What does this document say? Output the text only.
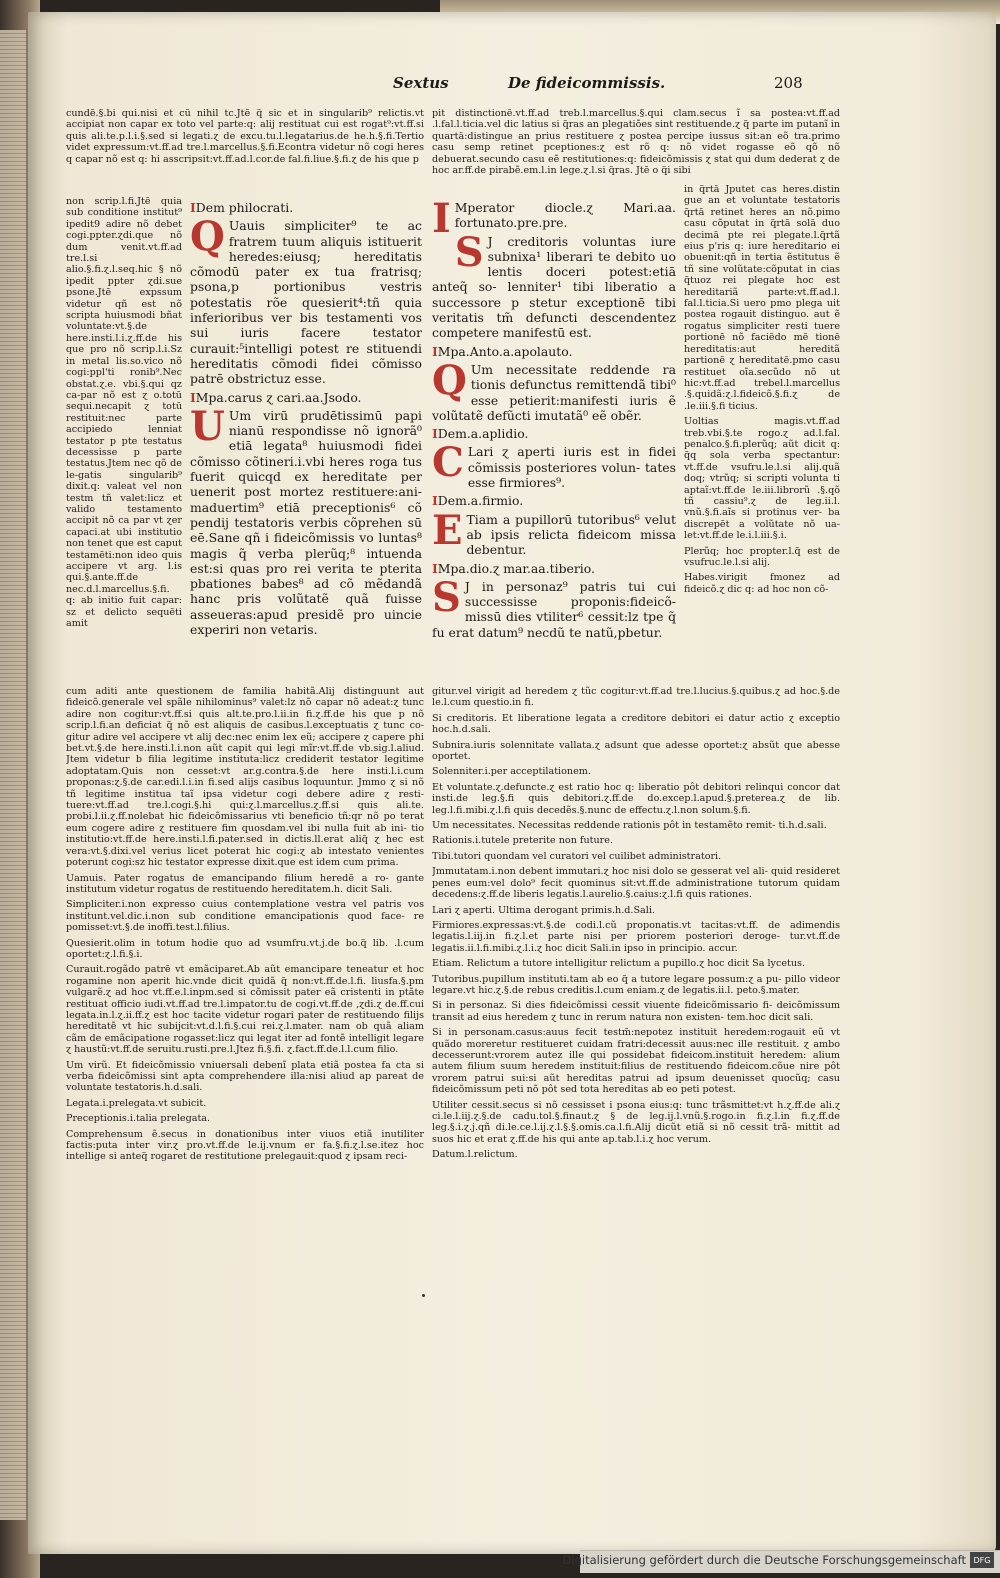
Sextus	De fideicommissis.	208

cundē.§.bi qui.nisi et cū nihil tc.Jtē q̃ sic et in singularib⁹ relictis.vt accipiat non capar ex toto vel parte:q: alij restituat cui est rogat⁹:vt.ff.si quis ali.te.p.l.i.§.sed si legati.ɀ de excu.tu.l.legatarius.de he.h.§.fi.Tertio videt expressum:vt.ff.ad tre.l.marcellus.§.fi.Econtra videtur nõ cogi heres q capar nõ est q: hi asscripsit:vt.ff.ad.l.cor.de fal.fi.liue.§.fi.ɀ de his que p

non scrip.l.fi.Jtē quia sub conditione institut⁹ ipedit9 adire nõ debet cogi.ppter.ɀdi.que nõ dum venit.vt.ff.ad tre.l.si alio.§.fi.ɀ.l.seq.hic § nõ ipedit ppter ɀdi.sue psone.Jtē expssum videtur qñ est nõ scripta huiusmodi bñat voluntate:vt.§.de here.insti.l.i.ɀ.ff.de his que pro nõ scrip.l.i.Sz in metal lis.so.vico nõ cogi:ppl'ti ronib⁹.Nec obstat.ɀ.e. vbi.§.qui qz ca-par nõ est ɀ o.totū sequi.necapit ɀ totū restituit:nec parte accipiedo lenniat testator p pte testatus decessisse p parte testatus.Jtem nec qõ de le-gatis singularib⁹ dixit.q: valeat vel non testm tñ valet:licz et valido testamento accipit nõ ca par vt ɀer capaci.at ubi institutio non tenet que est caput testamēti:non ideo quis accipere vt arg. l.is qui.§.ante.ff.de nec.d.l.marcellus.§.fi. q: ab initio fuit capar: sz et delicto sequēti amit

IDem philocrati.

Q Uauis simpliciter⁹ te ac fratrem tuum aliquis istituerit heredes:eiusq; hereditatis cõmodū pater ex tua fratrisq; psona,p portionibus vestris potestatis rõe quesierit⁴:tñ quia inferioribus ver bis testamenti vos sui iuris facere testator curauit:⁵intelligi potest re stituendi hereditatis cõmodi fidei cõmisso patrē obstrictuz esse.

IMpa.carus ɀ cari.aa.Jsodo.

U Um virū prudētissimū papi nianū respondisse nõ ignorã⁰ etiā legata⁸ huiusmodi fidei cõmisso cõtineri.i.vbi heres roga tus fuerit quicqd ex hereditate per uenerit post mortez restituere:ani- maduertim⁹ etiā preceptionis⁶ cõ pendij testatoris verbis cõprehen sū eē.Sane qñ i fideicõmissis vo luntas⁸ magis q̃ verba plerũq;⁸ intuenda est:si quas pro rei verita te pterita pbationes babes⁸ ad cõ mẽdandã hanc pris volũtatẽ quã fuisse asseueras:apud presidẽ pro uincie experiri non vetaris.

I Mperator diocle.ɀ Mari.aa. fortunato.pre.pre.

S J creditoris voluntas iure subnixa¹ liberari te debito uo lentis doceri potest:etiā anteq̃ so- lenniter¹ tibi liberatio a successore p stetur exceptionē tibi veritatis tm̃ defuncti descendentez competere manifestū est.

IMpa.Anto.a.apolauto.

Q Um necessitate reddende ra tionis defunctus remittendã tibi⁰ esse petierit:manifesti iuris ẽ volũtatẽ defũcti imutatã⁰ eẽ obẽr.

IDem.a.aplidio.

C Lari ɀ aperti iuris est in fidei cõmissis posteriores volun- tates esse firmiores⁹.

IDem.a.firmio.

E Tiam a pupillorū tutoribus⁶ velut ab ipsis relicta fideicom missa debentur.

IMpa.dio.ɀ mar.aa.tiberio.

S J in personaz⁹ patris tui cui successisse proponis:fideicõ- missū dies vtiliter⁶ cessit:lz tpe q̃ fu erat datum⁹ necdũ te natũ,pbetur.

pit distinctionē.vt.ff.ad treb.l.marcellus.§.qui clam.secus ĩ sa postea:vt.ff.ad .l.fal.l.ticia.vel dic latius si q̃ras an plegatiões sint restituende.ɀ q̃ parte im putanĩ in quartā:distingue an prius restituere ɀ postea percipe iussus sit:an eõ tra.primo casu semp retinet pceptiones:ɀ est rõ q: nõ videt rogasse eõ qõ nõ debuerat.secundo casu eẽ restitutiones:q: fideicõmissis ɀ stat qui dum dederat ɀ de hoc ar.ff.de pirabẽ.em.l.in lege.ɀ.l.si q̃ras. Jtē o q̃i sibi

in q̃rtā Jputet cas heres.distin gue an et voluntate testatoris q̃rtā retinet heres an nõ.pimo casu cõputat in q̃rtā solā duo decimā pte rei plegate.l.q̃rtã eius p'ris q: iure hereditario ei obuenit:qñ in tertia ẽstitutus ẽ tñ sine volũtate:cõputat in cias q̃tuoz rei plegate hoc est hereditariã parte:vt.ff.ad.l. fal.l.ticia.Si uero pmo plega uit postea rogauit distinguo. aut ẽ rogatus simpliciter resti tuere portionē nõ faciēdo mē tionē hereditatis:aut hereditã partionē ɀ hereditatē.pmo casu restituet oĩa.secũdo nõ ut hic:vt.ff.ad trebel.l.marcellus .§.quidã:ɀ.l.fideicõ.§.fi.ɀ de .le.iii.§.fi ticius.

Uoltias magis.vt.ff.ad treb.vbi.§.te rogo.ɀ ad.l.fal. penalco.§.fi.plerũq; aũt dicit q: q̃q sola verba spectantur: vt.ff.de vsufru.le.l.si alij.quã doq; vtrũq; si scripti volunta ti aptaĩ:vt.ff.de le.iii.librorũ .§.qõ tñ cassiu⁹.ɀ de leg.ii.l. vnũ.§.fi.aĩs si protinus ver- ba discrepēt a volũtate nõ ua- let:vt.ff.de le.i.l.iii.§.i.

Plerũq; hoc propter.l.q̃ est de vsufruc.le.l.si alij.

Habes.virigit fmonez ad fideicõ.ɀ dic q: ad hoc non cõ-

cum aditi ante questionem de familia habitã.Alij distinguunt aut fideicõ.generale vel spãle nihilominus⁹ valet:lz nõ capar nõ adeat:ɀ tunc adire non cogitur:vt.ff.si quis alt.te.pro.l.ii.in fi.ɀ.ff.de his que p nõ scrip.l.fi.an deficiat q̃ nõ est aliquis de casibus.l.exceptuatis ɀ tunc co- gitur adire vel accipere vt alij dec:nec enim lex eũ; accipere ɀ capere phi bet.vt.§.de here.insti.l.i.non aũt capit qui legi mĩr:vt.ff.de vb.sig.l.aliud. Jtem videtur b filia legitime instituta:licz crediderit testator legitime adoptatam.Quis non cesset:vt ar.g.contra.§.de here insti.l.i.cum proponas:ɀ.§.de car.edi.l.i.in fi.sed alijs casibus loquuntur. Jmmo ɀ si nõ tñ legitime institua taĩ ipsa videtur cogi debere adire ɀ resti- tuere:vt.ff.ad tre.l.cogi.§.hi qui:ɀ.l.marcellus.ɀ.ff.si quis ali.te. probi.l.ii.ɀ.ff.nolebat hic fideicõmissarius vti beneficio tñ:qr nõ po terat eum cogere adire ɀ restituere fim quosdam.vel ibi nulla fuit ab ini- tio institutio:vt.ff.de here.insti.l.fi.pater.sed in dictis.ll.erat aliq̃ ɀ hec est vera:vt.§.dixi.vel verius licet poterat hic cogi:ɀ ab intestato venientes poterunt cogi:sz hic testator expresse dixit.que est idem cum prima.

Uamuis. Pater rogatus de emancipando filium heredē a ro- gante institutum videtur rogatus de restituendo hereditatem.h. dicit Sali.

Simpliciter.i.non expresso cuius contemplatione vestra vel patris vos institunt.vel.dic.i.non sub conditione emancipationis quod face- re pomisset:vt.§.de inoffi.test.l.filius.

Quesierit.olim in totum hodie quo ad vsumfru.vt.j.de bo.q̃ lib. .l.cum oportet:ɀ.l.fi.§.i.

Curauit.rogãdo patrē vt emãciparet.Ab aũt emancipare teneatur et hoc rogamine non aperit hic.vnde dicit quidã q̃ non:vt.ff.de.l.fi. liusfa.§.pm vulgarẽ.ɀ ad hoc vt.ff.e.l.inpm.sed si cõmissit pater eã cristenti in ptãte restituat officio iudi.vt.ff.ad tre.l.impator.tu de cogi.vt.ff.de ,ɀdi.ɀ de.ff.cui legata.in.l.ɀ.ii.ff.ɀ est hoc tacite videtur rogari pater de restituendo filijs hereditatẽ vt hic subijcit:vt.d.l.fi.§.cui rei.ɀ.l.mater. nam ob quã aliam cãm de emãcipatione rogasset:licz qui legat iter ad fontẽ intelligit legare ɀ haustũ:vt.ff.de seruitu.rusti.pre.l.Jtez fi.§.fi. ɀ.fact.ff.de.l.l.cum filio.

Um virũ. Et fideicõmissio vniuersali debenĩ plata etiã postea fa cta si verba fideicõmissi sint apta comprehendere illa:nisi aliud ap pareat de voluntate testatoris.h.d.sali.

Legata.i.prelegata.vt subicit.

Preceptionis.i.talia prelegata.

Comprehensum ẽ.secus in donationibus inter viuos etiã inutiliter factis:puta inter vir.ɀ pro.vt.ff.de le.ij.vnum er fa.§.fi.ɀ.l.se.itez hoc intellige si anteq̃ rogaret de restitutione prelegauit:quod ɀ ipsam reci-

gitur.vel virigit ad heredem ɀ tũc cogitur:vt.ff.ad tre.l.lucius.§.quibus.ɀ ad hoc.§.de le.l.cum questio.in fi.

Si creditoris. Et liberatione legata a creditore debitori ei datur actio ɀ exceptio hoc.h.d.sali.

Subnira.iuris solennitate vallata.ɀ adsunt que adesse oportet:ɀ absũt que abesse oportet.

Solenniter.i.per acceptilationem.

Et voluntate.ɀ.defuncte.ɀ est ratio hoc q: liberatio pôt debitori relinqui concor dat insti.de leg.§.fi quis debitori.ɀ.ff.de do.excep.l.apud.§.preterea.ɀ de lib. leg.l.fi.mibi.ɀ.l.fi quis decedẽs.§.nunc de effectu.ɀ.l.non solum.§.fi.

Um necessitates. Necessitas reddende rationis pôt in testamẽto remit- ti.h.d.sali.

Rationis.i.tutele preterite non future.

Tibi.tutori quondam vel curatori vel cuilibet administratori.

Jmmutatam.i.non debent immutari.ɀ hoc nisi dolo se gesserat vel ali- quid resideret penes eum:vel dolo⁹ fecit quominus sit:vt.ff.de administratione tutorum quidam decedens:ɀ.ff.de liberis legatis.l.aurelio.§.caius:ɀ.l.fi quis rationes.

Lari ɀ aperti. Ultima derogant primis.h.d.Sali.

Firmiores.expressas:vt.§.de codi.l.cũ proponatis.vt tacitas:vt.ff. de adimendis legatis.l.iij.in fi.ɀ.l.et parte nisi per priorem posteriori deroge- tur.vt.ff.de legatis.ii.l.fi.mibi.ɀ.l.i.ɀ hoc dicit Sali.in ipso in principio. accur.

Etiam. Relictum a tutore intelligitur relictum a pupillo.ɀ hoc dicit Sa lycetus.

Tutoribus.pupillum instituti.tam ab eo q̃ a tutore legare possum:ɀ a pu- pillo videor legare.vt hic.ɀ.§.de rebus creditis.l.cum eniam.ɀ de legatis.ii.l. peto.§.mater.

Si in personaz. Si dies fideicõmissi cessit viuente fideicõmissario fi- deicõmissum transit ad eius heredem ɀ tunc in rerum natura non existen- tem.hoc dicit sali.

Si in personam.casus:auus fecit testm̃:nepotez instituit heredem:rogauit eũ vt quãdo moreretur restitueret cuidam fratri:decessit auus:nec ille restituit. ɀ ambo decesserunt:vrorem autez ille qui possidebat fideicom.instituit heredem: alium autem filium suum heredem instituit:filius de restituendo fideicom.cõue nire pôt vrorem patrui sui:si aũt hereditas patrui ad ipsum deuenisset quocũq; casu fideicõmissum peti nõ pôt sed tota hereditas ab eo peti potest.

Utiliter cessit.secus si nõ cessisset i psona eius:q: tunc trãsmittet:vt h.ɀ.ff.de ali.ɀ ci.le.l.iij.ɀ.§.de cadu.tol.§.finaut.ɀ § de leg.ij.l.vnũ.§.rogo.in fi.ɀ.l.in fi.ɀ.ff.de leg.§.i.ɀ.j.qñ di.le.ce.l.ij.ɀ.l.§.§.omis.ca.l.fi.Alij dicũt etiã si nõ cessit trã- mittit ad suos hic et erat ɀ.ff.de his qui ante ap.tab.l.i.ɀ hoc verum.

Datum.l.relictum.

Digitalisierung gefördert durch die Deutsche Forschungsgemeinschaft DFG
